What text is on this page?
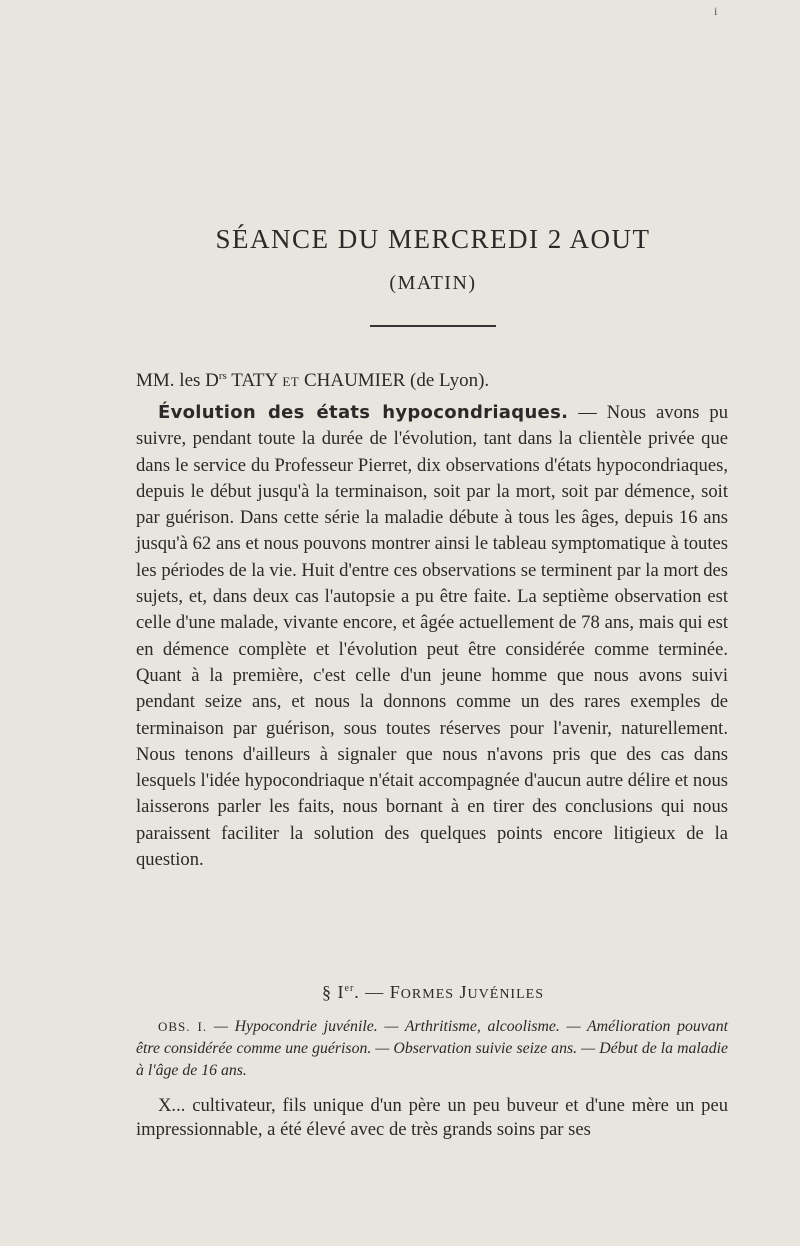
i
SÉANCE DU MERCREDI 2 AOUT
(MATIN)
MM. les $D^{rs}$ TATY ET CHAUMIER (de Lyon).

Évolution des états hypocondriaques. — Nous avons pu suivre, pendant toute la durée de l'évolution, tant dans la clientèle privée que dans le service du Professeur Pierret, dix observations d'états hypocondriaques, depuis le début jusqu'à la terminaison, soit par la mort, soit par démence, soit par guérison. Dans cette série la maladie débute à tous les âges, depuis 16 ans jusqu'à 62 ans et nous pouvons montrer ainsi le tableau symptomatique à toutes les périodes de la vie. Huit d'entre ces observations se terminent par la mort des sujets, et, dans deux cas l'autopsie a pu être faite. La septième observation est celle d'une malade, vivante encore, et âgée actuellement de 78 ans, mais qui est en démence complète et l'évolution peut être considérée comme terminée. Quant à la première, c'est celle d'un jeune homme que nous avons suivi pendant seize ans, et nous la donnons comme un des rares exemples de terminaison par guérison, sous toutes réserves pour l'avenir, naturellement. Nous tenons d'ailleurs à signaler que nous n'avons pris que des cas dans lesquels l'idée hypocondriaque n'était accompagnée d'aucun autre délire et nous laisserons parler les faits, nous bornant à en tirer des conclusions qui nous paraissent faciliter la solution des quelques points encore litigieux de la question.

§ Ier. — FORMES JUVÉNILES

OBS. I. — Hypocondrie juvénile. — Arthritisme, alcoolisme. — Amélioration pouvant être considérée comme une guérison. — Observation suivie seize ans. — Début de la maladie à l'âge de 16 ans.

X... cultivateur, fils unique d'un père un peu buveur et d'une mère un peu impressionnable, a été élevé avec de très grands soins par ses
